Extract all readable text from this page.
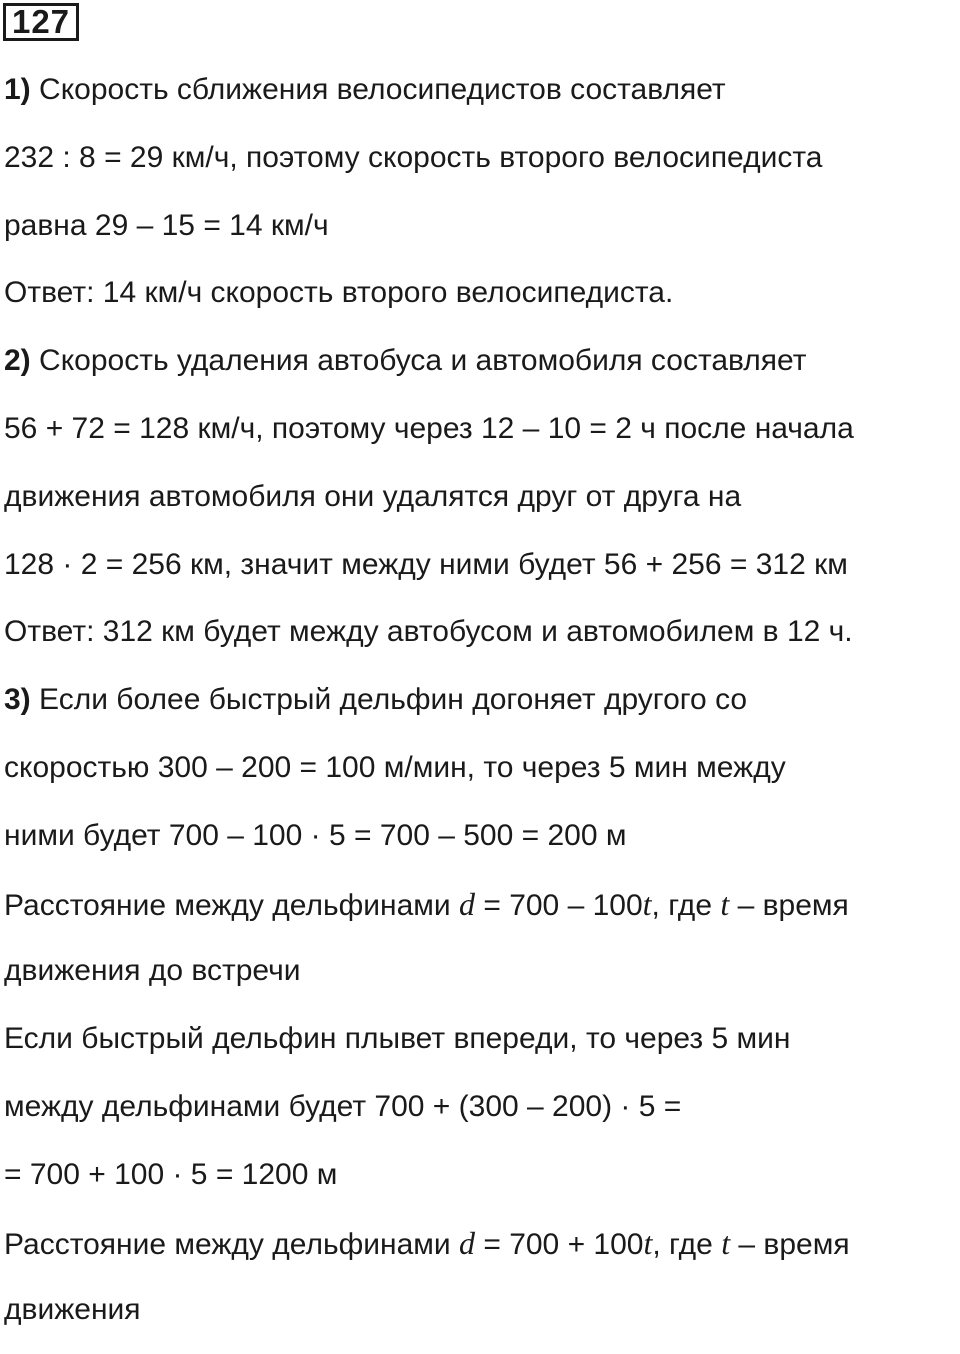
127
1) Скорость сближения велосипедистов составляет
232 : 8 = 29 км/ч, поэтому скорость второго велосипедиста
равна 29 – 15 = 14 км/ч
Ответ: 14 км/ч скорость второго велосипедиста.
2) Скорость удаления автобуса и автомобиля составляет
56 + 72 = 128 км/ч, поэтому через 12 – 10 = 2 ч после начала
движения автомобиля они удалятся друг от друга на
128 · 2 = 256 км, значит между ними будет 56 + 256 = 312 км
Ответ: 312 км будет между автобусом и автомобилем в 12 ч.
3) Если более быстрый дельфин догоняет другого со
скоростью 300 – 200 = 100 м/мин, то через 5 мин между
ними будет 700 – 100 · 5 = 700 – 500 = 200 м
Расстояние между дельфинами d = 700 – 100t, где t – время
движения до встречи
Если быстрый дельфин плывет впереди, то через 5 мин
между дельфинами будет 700 + (300 – 200) · 5 =
= 700 + 100 · 5 = 1200 м
Расстояние между дельфинами d = 700 + 100t, где t – время
движения
